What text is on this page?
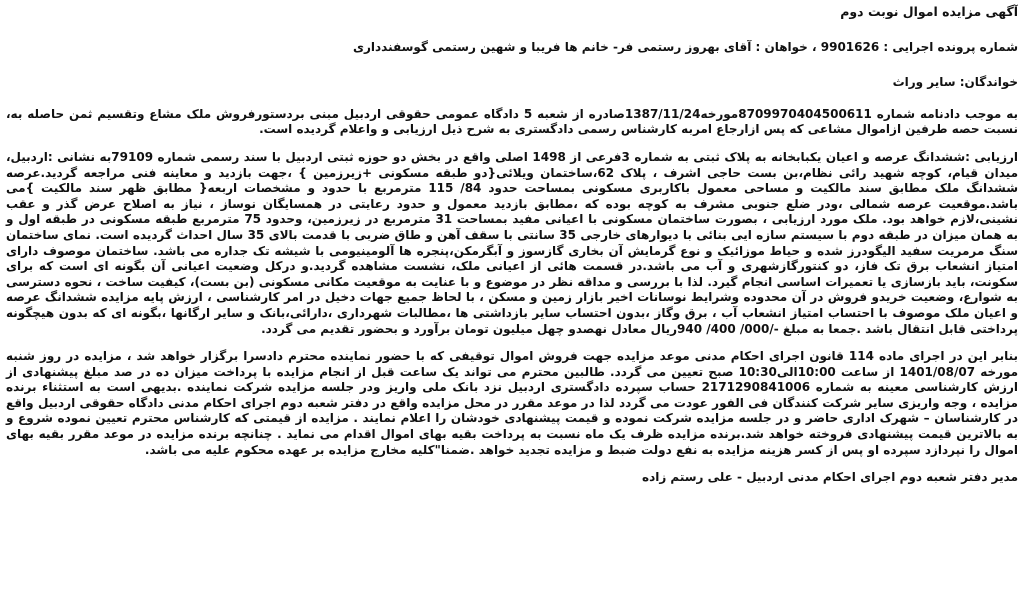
آگهی مزایده اموال نوبت دوم

شماره پرونده اجرایی : 9901626 ، خواهان : آقای بهروز رستمی فر- خانم ها فریبا و شهین رستمی گوسفندداری

خواندگان: سایر وراث

به موجب دادنامه شماره 8709970404500611مورخه1387/11/24صادره از شعبه 5 دادگاه عمومی حقوقی اردبیل مبنی بردستورفروش ملک مشاع وتقسیم ثمن حاصله به، نسبت حصه طرفین ازاموال مشاعی که پس ازارجاع امربه کارشناس رسمی دادگستری به شرح ذیل ارزیابی و واعلام گردیده است.

ارزیابی :ششدانگ عرصه و اعیان یکبابخانه به پلاک ثبتی به شماره 3فرعی از 1498 اصلی واقع در بخش دو حوزه ثبتی اردبیل با سند رسمی شماره 79109به نشانی :اردبیل، میدان قیام، کوچه شهید رائی نظام،بن بست حاجی اشرف ، پلاک 62،ساختمان ویلائی{دو طبقه مسکونی +زیرزمین } ،جهت بازدید و معاینه فنی مراجعه گردید.عرصه ششدانگ ملک مطابق سند مالکیت و مساحی معمول باکاربری مسکونی بمساحت حدود 84/ 115 مترمربع با حدود و مشخصات اربعه{ مطابق ظهر سند مالکیت }می باشد.موقعیت عرصه شمالی ،ودر ضلع جنوبی مشرف به کوچه بوده که ،مطابق بازدید معمول و حدود رعایتی در همسایگان نوساز ، نیاز به اصلاح عرض گذر و عقب نشینی،لازم خواهد بود. ملک مورد ارزیابی ، بصورت ساختمان مسکونی با اعیانی مفید بمساحت 31 مترمربع در زیرزمین، وحدود 75 مترمربع طبقه مسکونی در طبقه اول و به همان میزان در طبقه دوم با سیستم سازه ایی بنائی با دیوارهای خارجی 35 سانتی با سقف آهن و طاق ضربی با قدمت بالای 35 سال احداث گردیده است. نمای ساختمان سنگ مرمریت سفید الیگودرز شده و حیاط موزائیک و نوع گرمایش آن بخاری گازسوز و آبگرمکن،پنجره ها آلومینیومی با شیشه تک جداره می باشد. ساختمان موصوف دارای امتیاز انشعاب برق تک فاز، دو کنتورگازشهری و آب می باشد.در قسمت هائی از اعیانی ملک، نشست مشاهده گردید.و درکل وضعیت اعیانی آن بگونه ای است که برای سکونت، باید بازسازی یا تعمیرات اساسی انجام گیرد. لذا با بررسی و مداقه نظر در موضوع و با عنایت به موقعیت مکانی مسکونی (بن بست)، کیفیت ساخت ، نحوه دسترسی به شوارع، وضعیت خریدو فروش در آن محدوده وشرایط نوسانات اخیر بازار زمین و مسکن ، با لحاظ جمیع جهات دخیل در امر کارشناسی ، ارزش پایه مزایده ششدانگ عرصه و اعیان ملک موصوف با احتساب امتیاز انشعاب آب ، برق وگاز ،بدون احتساب سایر بازداشتی ها ،مطالبات شهرداری ،دارائی،بانک و سایر ارگانها ،بگونه ای که بدون هیچگونه پرداختی قابل انتقال باشد .جمعا به مبلغ -/000/ 400/ 940ریال معادل نهصدو چهل میلیون تومان برآورد و بحضور تقدیم می گردد.

بنابر این در اجرای ماده 114 قانون اجرای احکام مدنی موعد مزایده جهت فروش اموال توقیفی که با حضور نماینده محترم دادسرا برگزار خواهد شد ، مزایده در روز شنبه مورخه 1401/08/07 از ساعت 10:00الی10:30 صبح تعیین می گردد. طالبین محترم می تواند یک ساعت قبل از انجام مزایده با پرداخت میزان ده در صد مبلغ پیشنهادی از ارزش کارشناسی معینه به شماره 2171290841006 حساب سپرده دادگستری اردبیل نزد بانک ملی واریز ودر جلسه مزایده شرکت نماینده .بدیهی است به استثناء برنده مزایده ، وجه واریزی سایر شرکت کنندگان فی الفور عودت می گردد لذا در موعد مقرر در محل مزایده واقع در دفتر شعبه دوم اجرای احکام مدنی دادگاه حقوقی اردبیل واقع در کارشناسان – شهرک اداری حاضر و در جلسه مزایده شرکت نموده و قیمت پیشنهادی خودشان را اعلام نمایند . مزایده از قیمتی که کارشناس محترم تعیین نموده شروع و به بالاترین قیمت پیشنهادی فروخته خواهد شد.برنده مزایده ظرف یک ماه نسبت به پرداخت بقیه بهای اموال اقدام می نماید . چنانچه برنده مزایده در موعد مقرر بقیه بهای اموال را نپردازد سپرده او پس از کسر هزینه مزایده به نفع دولت ضبط و مزایده تجدید خواهد .ضمنا"کلیه مخارج مزایده بر عهده محکوم علیه می باشد.

مدیر دفتر شعبه دوم اجرای احکام مدنی اردبیل - علی رستم زاده
